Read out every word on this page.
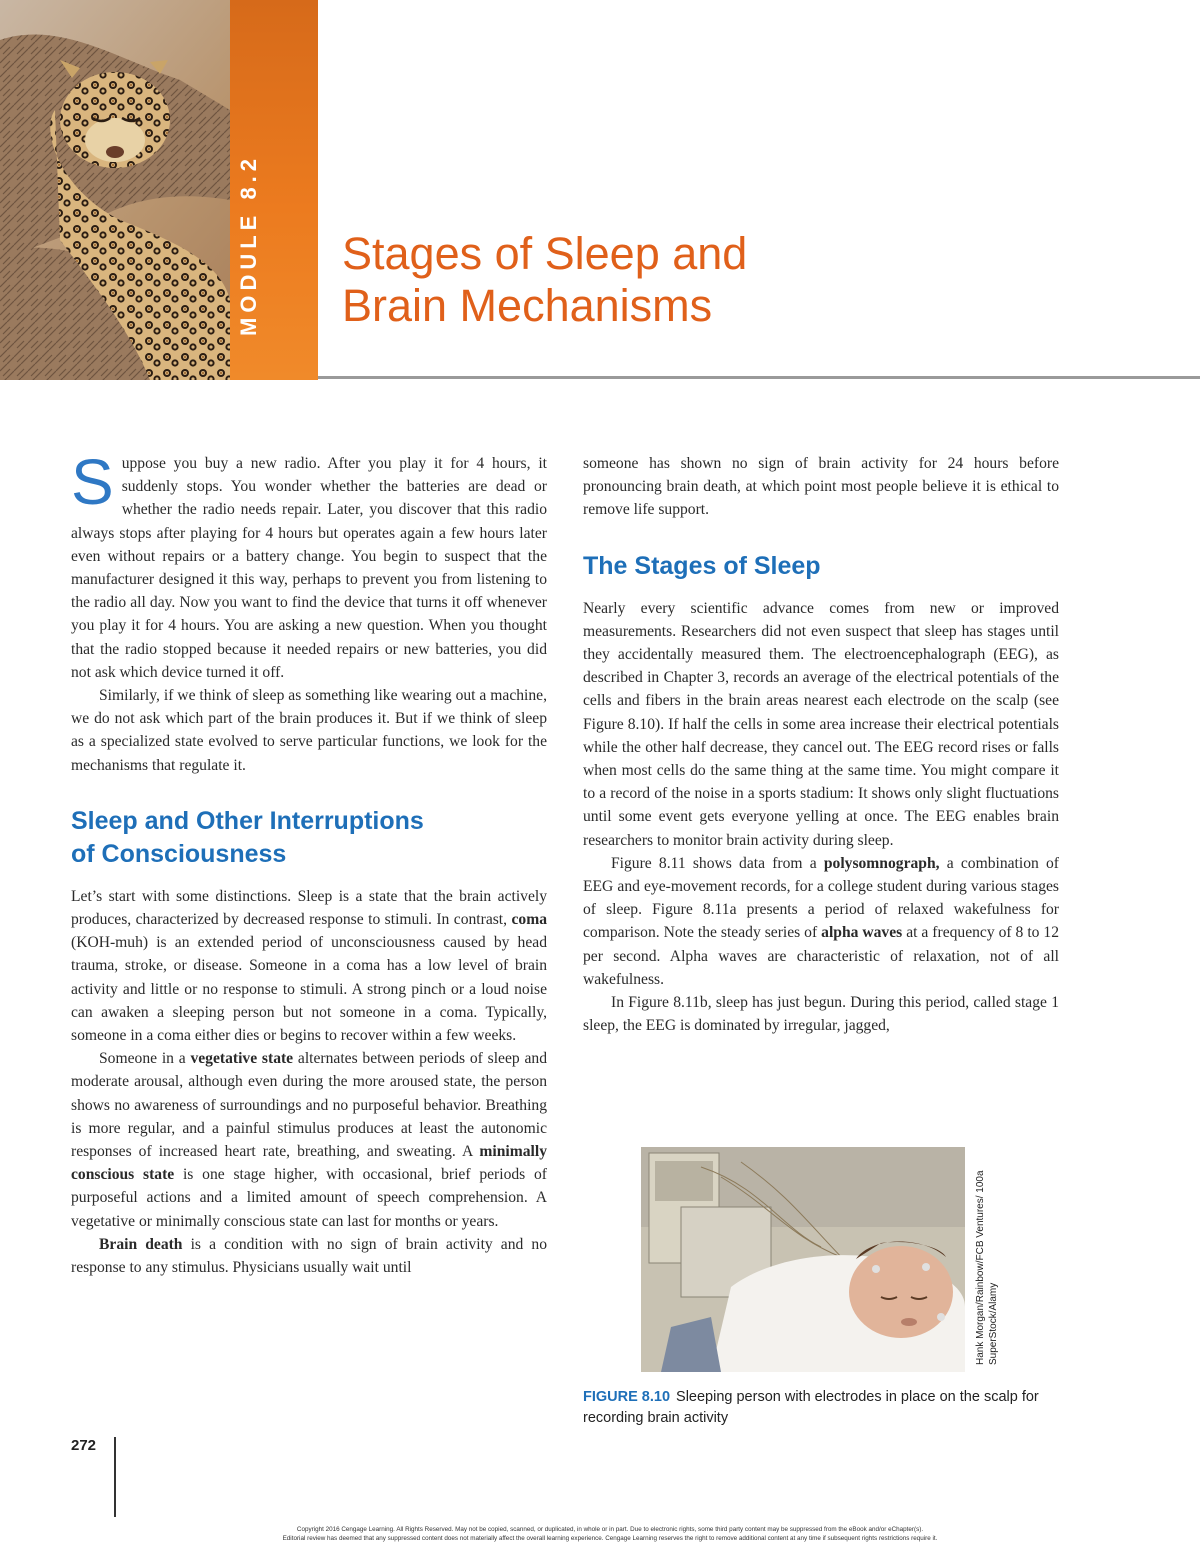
MODULE 8.2	Stages of Sleep and
Brain Mechanisms

Suppose you buy a new radio. After you play it for 4 hours, it suddenly stops. You wonder whether the batteries are dead or whether the radio needs repair. Later, you discover that this radio always stops after playing for 4 hours but operates again a few hours later even without repairs or a battery change. You begin to suspect that the manufacturer designed it this way, perhaps to prevent you from listening to the radio all day. Now you want to find the device that turns it off whenever you play it for 4 hours. You are asking a new question. When you thought that the radio stopped because it needed repairs or new batteries, you did not ask which device turned it off.

Similarly, if we think of sleep as something like wearing out a machine, we do not ask which part of the brain produces it. But if we think of sleep as a specialized state evolved to serve particular functions, we look for the mechanisms that regulate it.

Sleep and Other Interruptions
of Consciousness

Let’s start with some distinctions. Sleep is a state that the brain actively produces, characterized by decreased response to stimuli. In contrast, coma (KOH-muh) is an extended period of unconsciousness caused by head trauma, stroke, or disease. Someone in a coma has a low level of brain activity and little or no response to stimuli. A strong pinch or a loud noise can awaken a sleeping person but not someone in a coma. Typically, someone in a coma either dies or begins to recover within a few weeks.

Someone in a vegetative state alternates between periods of sleep and moderate arousal, although even during the more aroused state, the person shows no awareness of surroundings and no purposeful behavior. Breathing is more regular, and a painful stimulus produces at least the autonomic responses of increased heart rate, breathing, and sweating. A minimally conscious state is one stage higher, with occasional, brief periods of purposeful actions and a limited amount of speech comprehension. A vegetative or minimally conscious state can last for months or years.

Brain death is a condition with no sign of brain activity and no response to any stimulus. Physicians usually wait until

someone has shown no sign of brain activity for 24 hours before pronouncing brain death, at which point most people believe it is ethical to remove life support.

The Stages of Sleep

Nearly every scientific advance comes from new or improved measurements. Researchers did not even suspect that sleep has stages until they accidentally measured them. The electroencephalograph (EEG), as described in Chapter 3, records an average of the electrical potentials of the cells and fibers in the brain areas nearest each electrode on the scalp (see Figure 8.10). If half the cells in some area increase their electrical potentials while the other half decrease, they cancel out. The EEG record rises or falls when most cells do the same thing at the same time. You might compare it to a record of the noise in a sports stadium: It shows only slight fluctuations until some event gets everyone yelling at once. The EEG enables brain researchers to monitor brain activity during sleep.

Figure 8.11 shows data from a polysomnograph, a combination of EEG and eye-movement records, for a college student during various stages of sleep. Figure 8.11a presents a period of relaxed wakefulness for comparison. Note the steady series of alpha waves at a frequency of 8 to 12 per second. Alpha waves are characteristic of relaxation, not of all wakefulness.

In Figure 8.11b, sleep has just begun. During this period, called stage 1 sleep, the EEG is dominated by irregular, jagged,

Hank Morgan/Rainbow/FCB Ventures/ 100a SuperStock/Alamy
FIGURE 8.10 Sleeping person with electrodes in place on the scalp for recording brain activity
272
Copyright 2016 Cengage Learning. All Rights Reserved. May not be copied, scanned, or duplicated, in whole or in part. Due to electronic rights, some third party content may be suppressed from the eBook and/or eChapter(s).
Editorial review has deemed that any suppressed content does not materially affect the overall learning experience. Cengage Learning reserves the right to remove additional content at any time if subsequent rights restrictions require it.
